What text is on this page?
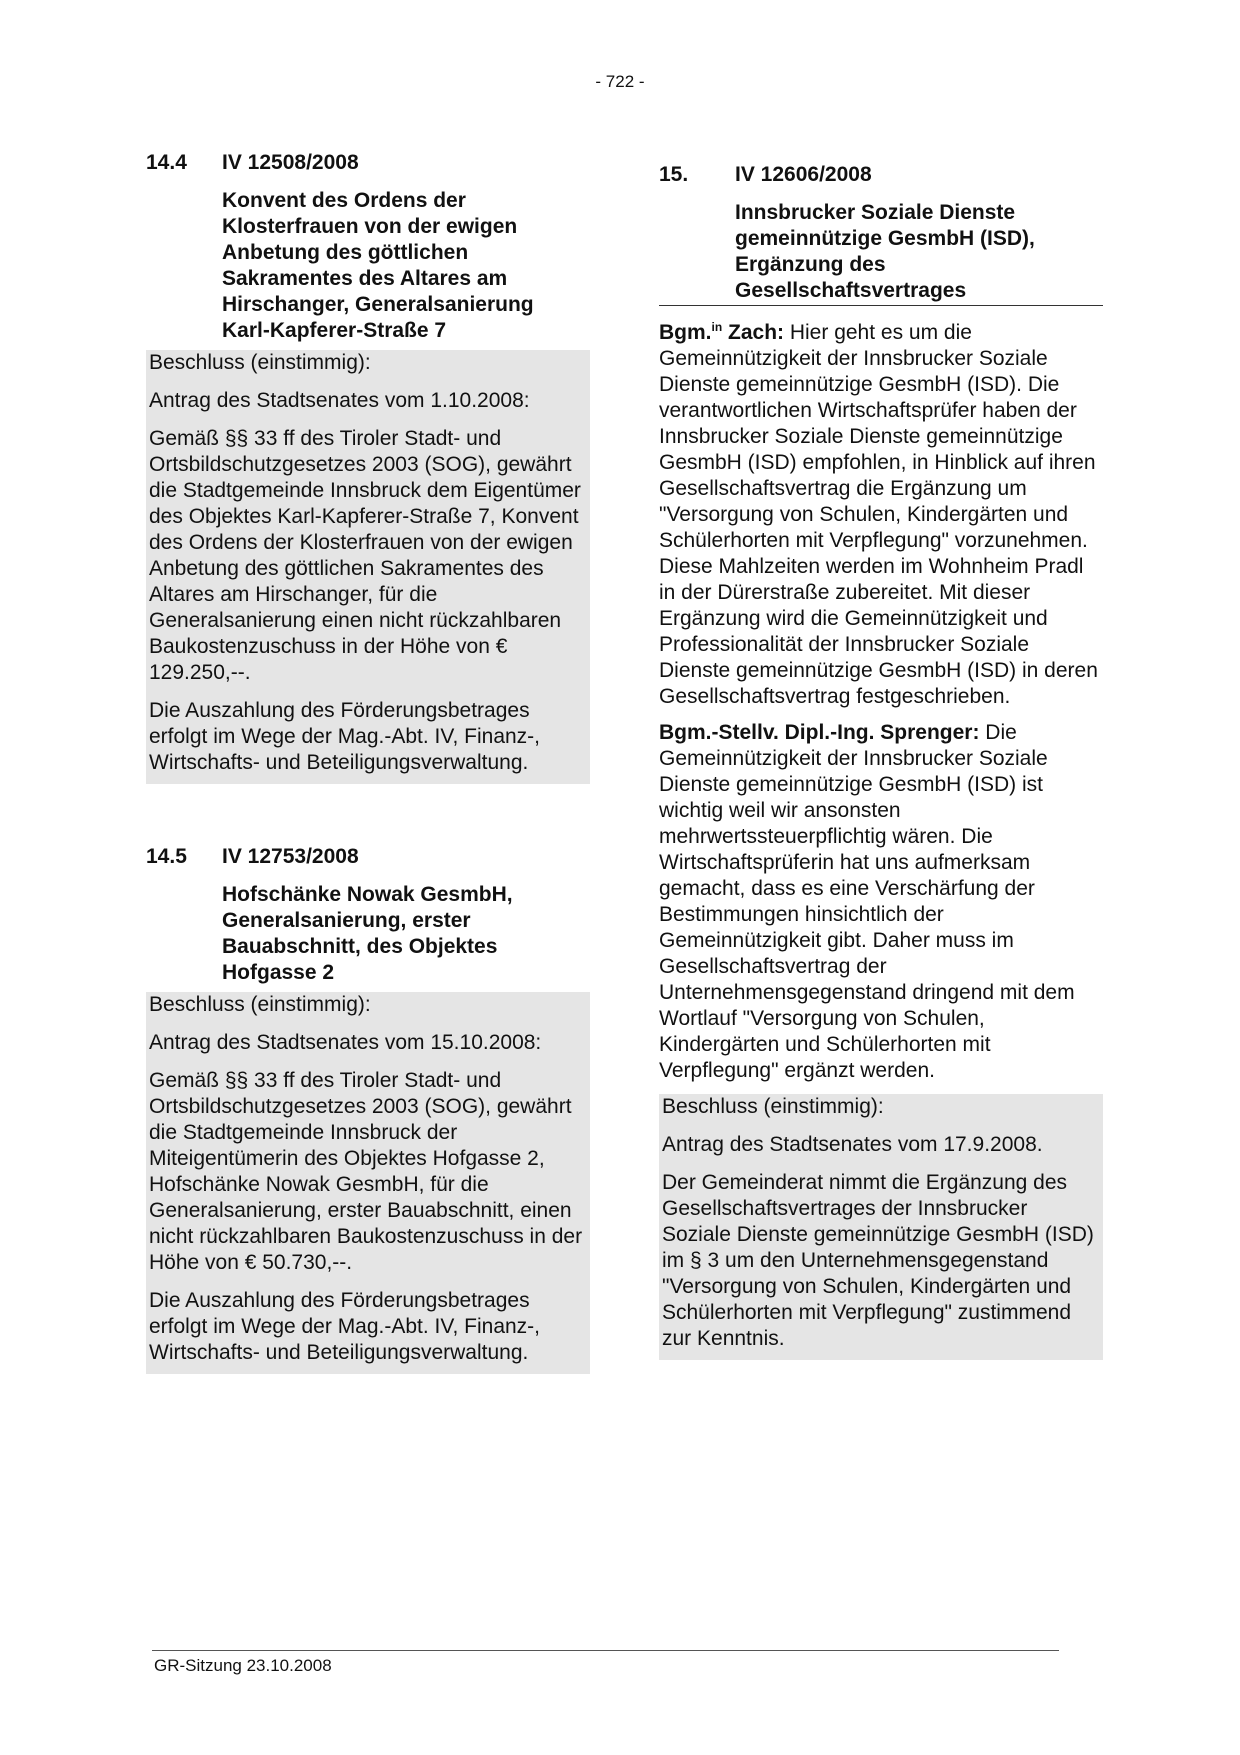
- 722 -
14.4	IV 12508/2008
Konvent des Ordens der Klosterfrauen von der ewigen Anbetung des göttlichen Sakramentes des Altares am Hirschanger, Generalsanierung Karl-Kapferer-Straße 7

Beschluss (einstimmig):

Antrag des Stadtsenates vom 1.10.2008:

Gemäß §§ 33 ff des Tiroler Stadt- und Ortsbildschutzgesetzes 2003 (SOG), gewährt die Stadtgemeinde Innsbruck dem Eigentümer des Objektes Karl-Kapferer-Straße 7, Konvent des Ordens der Klosterfrauen von der ewigen Anbetung des göttlichen Sakramentes des Altares am Hirschanger, für die Generalsanierung einen nicht rückzahlbaren Baukostenzuschuss in der Höhe von € 129.250,--.

Die Auszahlung des Förderungsbetrages erfolgt im Wege der Mag.-Abt. IV, Finanz-, Wirtschafts- und Beteiligungsverwaltung.

14.5	IV 12753/2008
Hofschänke Nowak GesmbH, Generalsanierung, erster Bauabschnitt, des Objektes Hofgasse 2

Beschluss (einstimmig):

Antrag des Stadtsenates vom 15.10.2008:

Gemäß §§ 33 ff des Tiroler Stadt- und Ortsbildschutzgesetzes 2003 (SOG), gewährt die Stadtgemeinde Innsbruck der Miteigentümerin des Objektes Hofgasse 2, Hofschänke Nowak GesmbH, für die Generalsanierung, erster Bauabschnitt, einen nicht rückzahlbaren Baukostenzuschuss in der Höhe von € 50.730,--.

Die Auszahlung des Förderungsbetrages erfolgt im Wege der Mag.-Abt. IV, Finanz-, Wirtschafts- und Beteiligungsverwaltung.

15.	IV 12606/2008
Innsbrucker Soziale Dienste gemeinnützige GesmbH (ISD), Ergänzung des Gesellschaftsvertrages

Bgm.$^{in}$ Zach: Hier geht es um die Gemeinnützigkeit der Innsbrucker Soziale Dienste gemeinnützige GesmbH (ISD). Die verantwortlichen Wirtschaftsprüfer haben der Innsbrucker Soziale Dienste gemeinnützige GesmbH (ISD) empfohlen, in Hinblick auf ihren Gesellschaftsvertrag die Ergänzung um "Versorgung von Schulen, Kindergärten und Schülerhorten mit Verpflegung" vorzunehmen. Diese Mahlzeiten werden im Wohnheim Pradl in der Dürerstraße zubereitet. Mit dieser Ergänzung wird die Gemeinnützigkeit und Professionalität der Innsbrucker Soziale Dienste gemeinnützige GesmbH (ISD) in deren Gesellschaftsvertrag festgeschrieben.

Bgm.-Stellv. Dipl.-Ing. Sprenger: Die Gemeinnützigkeit der Innsbrucker Soziale Dienste gemeinnützige GesmbH (ISD) ist wichtig weil wir ansonsten mehrwertssteuerpflichtig wären. Die Wirtschaftsprüferin hat uns aufmerksam gemacht, dass es eine Verschärfung der Bestimmungen hinsichtlich der Gemeinnützigkeit gibt. Daher muss im Gesellschaftsvertrag der Unternehmensgegenstand dringend mit dem Wortlauf "Versorgung von Schulen, Kindergärten und Schülerhorten mit Verpflegung" ergänzt werden.

Beschluss (einstimmig):

Antrag des Stadtsenates vom 17.9.2008.

Der Gemeinderat nimmt die Ergänzung des Gesellschaftsvertrages der Innsbrucker Soziale Dienste gemeinnützige GesmbH (ISD) im § 3 um den Unternehmensgegenstand "Versorgung von Schulen, Kindergärten und Schülerhorten mit Verpflegung" zustimmend zur Kenntnis.

GR-Sitzung 23.10.2008
